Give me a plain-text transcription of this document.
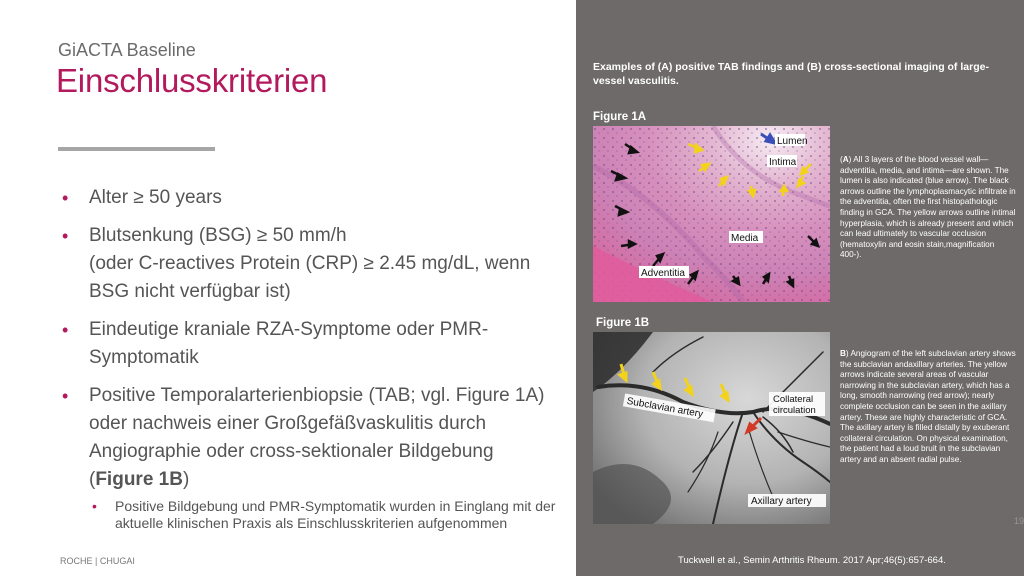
GiACTA Baseline
Einschlusskriterien
• Alter ≥ 50 years
• Blutsenkung (BSG) ≥ 50 mm/h
(oder C-reactives Protein (CRP) ≥ 2.45 mg/dL, wenn BSG nicht verfügbar ist)
• Eindeutige kraniale RZA-Symptome oder PMR-Symptomatik
• Positive Temporalarterienbiopsie (TAB; vgl. Figure 1A) oder nachweis einer Großgefäßvaskulitis durch Angiographie oder cross-sektionaler Bildgebung (Figure 1B)
• Positive Bildgebung und PMR-Symptomatik wurden in Einglang mit der aktuelle klinischen Praxis als Einschlusskriterien aufgenommen
ROCHE | CHUGAI
Examples of (A) positive TAB findings and (B) cross-sectional imaging of large-vessel vasculitis.
Figure 1A
Lumen
Intima
Media
Adventitia
(A) All 3 layers of the blood vessel wall—adventitia, media, and intima—are shown. The lumen is also indicated (blue arrow). The black arrows outline the lymphoplasmacytic infiltrate in the adventitia, often the first histopathologic finding in GCA. The yellow arrows outline intimal hyperplasia, which is already present and which can lead ultimately to vascular occlusion (hematoxylin and eosin stain,magnification 400-).
Figure 1B
Subclavian artery	Collateral
circulation
Axillary artery
B) Angiogram of the left subclavian artery shows the subclavian andaxillary arteries. The yellow arrows indicate several areas of vascular narrowing in the subclavian artery, which has a long, smooth narrowing (red arrow); nearly complete occlusion can be seen in the axillary artery. These are highly characteristic of GCA. The axillary artery is filled distally by exuberant collateral circulation. On physical examination, the patient had a loud bruit in the subclavian artery and an absent radial pulse.
Tuckwell et al., Semin Arthritis Rheum. 2017 Apr;46(5):657-664.
19
